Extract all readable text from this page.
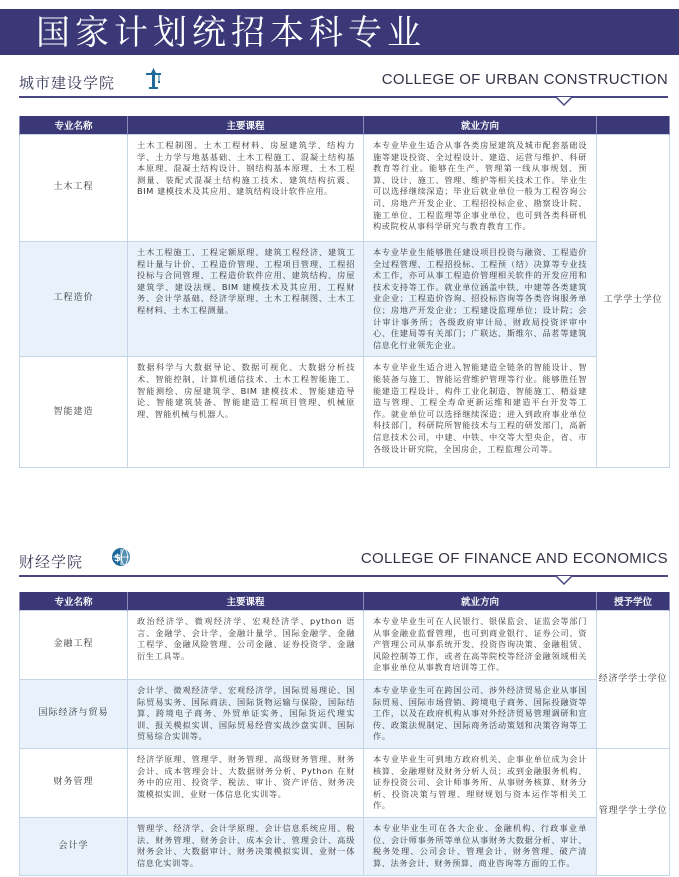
国家计划统招本科专业
城市建设学院	COLLEGE OF URBAN CONSTRUCTION
专业名称	主要课程	就业方向	
土木工程	土木工程制图、土木工程材料、房屋建筑学、结构力学、土力学与地基基础、土木工程施工、混凝土结构基本原理、混凝土结构设计、钢结构基本原理、土木工程测量、装配式混凝土结构施工技术、建筑结构抗震、BIM 建模技术及其应用、建筑结构设计软件应用。	本专业毕业生适合从事各类房屋建筑及城市配套基础设施等建设投资、全过程设计、建造、运营与维护、科研教育等行业。能够在生产、管理第一线从事规划、预算、设计、施工、管理、维护等相关技术工作。毕业生可以选择继续深造；毕业后就业单位一般为工程咨询公司、房地产开发企业、工程招投标企业、勘察设计院、施工单位、工程监理等企事业单位，也可到各类科研机构或院校从事科学研究与教育教育工作。	工学学士学位
工程造价	土木工程施工、工程定额原理、建筑工程经济、建筑工程计量与计价、工程造价管理、工程项目管理、工程招投标与合同管理、工程造价软件应用、建筑结构、房屋建筑学、建设法规、BIM 建模技术及其应用、工程财务、会计学基础、经济学原理、土木工程制图、土木工程材料、土木工程测量。	本专业毕业生能够胜任建设项目投资与融资、工程造价全过程管理、工程招投标、工程预（结）决算等专业技术工作，亦可从事工程造价管理相关软件的开发应用和技术支持等工作。就业单位涵盖中铁、中建等各类建筑业企业；工程造价咨询、招投标咨询等各类咨询服务单位；房地产开发企业；工程建设监理单位；设计院；会计审计事务所；各级政府审计局、财政局投资评审中心、住建局等有关部门；广联达、斯维尔、品茗等建筑信息化行业领先企业。	
智能建造	数据科学与大数据导论、数据可视化、大数据分析技术、智能控制、计算机通信技术、土木工程智能施工、智能测绘、房屋建筑学、BIM 建模技术、智能建造导论、智能建筑装备、智能建造工程项目管理、机械原理、智能机械与机器人。	本专业毕业生适合进入智能建造全链条的智能设计、智能装备与施工、智能运营维护管理等行业。能够胜任智能建造工程设计、构件工业化制造、智能施工、精益建造与管理、工程全寿命更新运维和建造平台开发等工作。就业单位可以选择继续深造；进入到政府事业单位科技部门，科研院所智能技术与工程的研发部门，高新信息技术公司，中建、中铁、中交等大型央企，省、市各级设计研究院，全国房企，工程监理公司等。	
财经学院	$	COLLEGE OF FINANCE AND ECONOMICS
专业名称	主要课程	就业方向	授予学位
金融工程	政治经济学、微观经济学、宏观经济学、python 语言、金融学、会计学、金融计量学、国际金融学、金融工程学、金融风险管理、公司金融、证券投资学、金融衍生工具等。	本专业毕业生可在人民银行、银保监会、证监会等部门从事金融业监督管理，也可到商业银行、证券公司、资产管理公司从事系统开发、投资咨询决策、金融租赁、风险控制等工作，或者在高等院校等经济金融领域相关企事业单位从事教育培训等工作。	经济学学士学位
国际经济与贸易	会计学、微观经济学、宏观经济学，国际贸易理论、国际贸易实务、国际商法、国际货物运输与保险，国际结算、跨境电子商务、外贸单证实务、国际货运代理实训、报关模拟实训、国际贸易经营实战沙盘实训、国际贸易综合实训等。	本专业毕业生可在跨国公司、涉外经济贸易企业从事国际贸易、国际市场营销、跨境电子商务、国际投融资等工作，以及在政府机构从事对外经济贸易管理调研和宣传、政策法规制定、国际商务活动策划和决策咨询等工作。	
财务管理	经济学原理、管理学、财务管理、高级财务管理、财务会计、成本管理会计、大数据财务分析、Python 在财务中的应用、投资学、税法、审计、资产评估、财务决策模拟实训、业财一体信息化实训等。	本专业毕业生可到地方政府机关、企事业单位成为会计核算、金融理财及财务分析人员；或到金融服务机构、证券投资公司、会计师事务所、从事财务核算、财务分析、投资决策与管理、理财规划与资本运作等相关工作。	管理学学士学位
会计学	管理学、经济学、会计学原理、会计信息系统应用、税法、财务管理、财务会计、成本会计、管理会计、高级财务会计、大数据审计、财务决策模拟实训、业财一体信息化实训等。	本专业毕业生可在各大企业、金融机构、行政事业单位、会计师事务所等单位从事财务大数据分析、审计、税务处理、公司会计、管理会计、财务管理、破产清算、法务会计、财务预算、商业咨询等方面的工作。	
